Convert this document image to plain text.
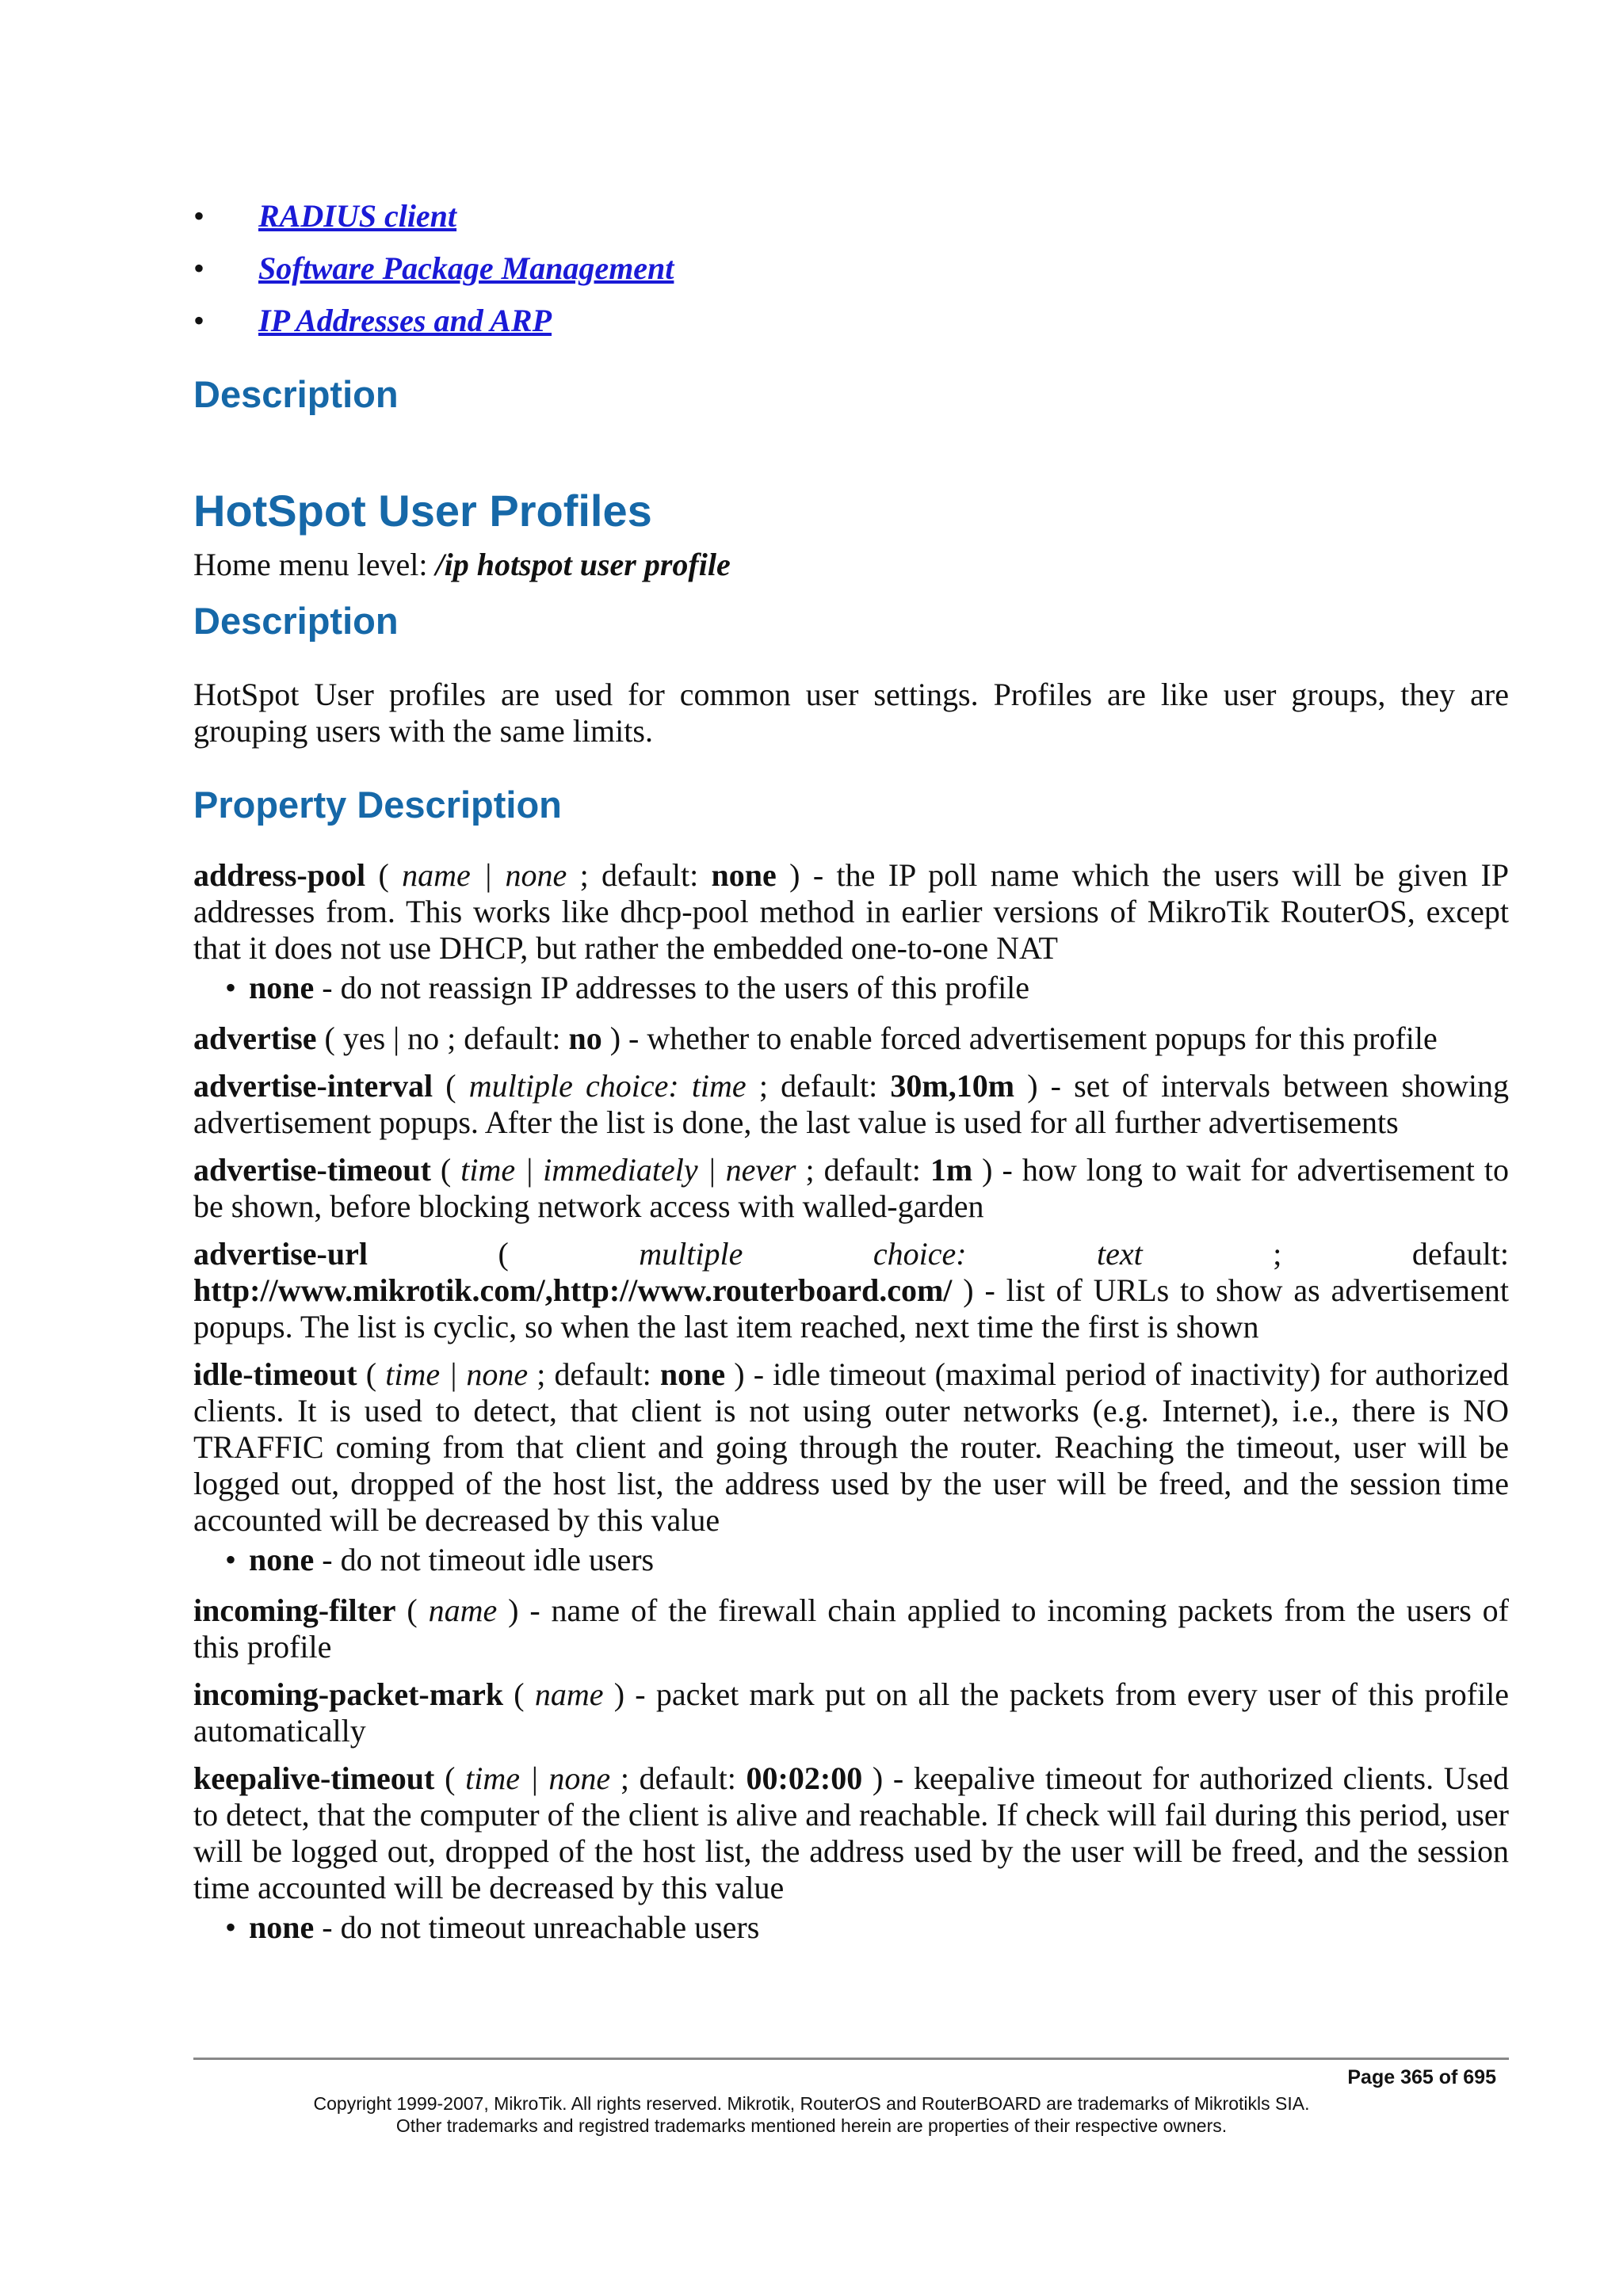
• RADIUS client
• Software Package Management
• IP Addresses and ARP
Description
HotSpot User Profiles

Home menu level: /ip hotspot user profile

Description

HotSpot User profiles are used for common user settings. Profiles are like user groups, they are grouping users with the same limits.

Property Description

address-pool ( name | none ; default: none ) - the IP poll name which the users will be given IP addresses from. This works like dhcp-pool method in earlier versions of MikroTik RouterOS, except that it does not use DHCP, but rather the embedded one-to-one NAT

• none - do not reassign IP addresses to the users of this profile

advertise ( yes | no ; default: no ) - whether to enable forced advertisement popups for this profile

advertise-interval ( multiple choice: time ; default: 30m,10m ) - set of intervals between showing advertisement popups. After the list is done, the last value is used for all further advertisements

advertise-timeout ( time | immediately | never ; default: 1m ) - how long to wait for advertisement to be shown, before blocking network access with walled-garden

advertise-url ( multiple choice: text ; default: http://www.mikrotik.com/,http://www.routerboard.com/ ) - list of URLs to show as advertisement popups. The list is cyclic, so when the last item reached, next time the first is shown

idle-timeout ( time | none ; default: none ) - idle timeout (maximal period of inactivity) for authorized clients. It is used to detect, that client is not using outer networks (e.g. Internet), i.e., there is NO TRAFFIC coming from that client and going through the router. Reaching the timeout, user will be logged out, dropped of the host list, the address used by the user will be freed, and the session time accounted will be decreased by this value

• none - do not timeout idle users

incoming-filter ( name ) - name of the firewall chain applied to incoming packets from the users of this profile

incoming-packet-mark ( name ) - packet mark put on all the packets from every user of this profile automatically

keepalive-timeout ( time | none ; default: 00:02:00 ) - keepalive timeout for authorized clients. Used to detect, that the computer of the client is alive and reachable. If check will fail during this period, user will be logged out, dropped of the host list, the address used by the user will be freed, and the session time accounted will be decreased by this value

• none - do not timeout unreachable users
Page 365 of 695
Copyright 1999-2007, MikroTik. All rights reserved. Mikrotik, RouterOS and RouterBOARD are trademarks of Mikrotikls SIA.
Other trademarks and registred trademarks mentioned herein are properties of their respective owners.
